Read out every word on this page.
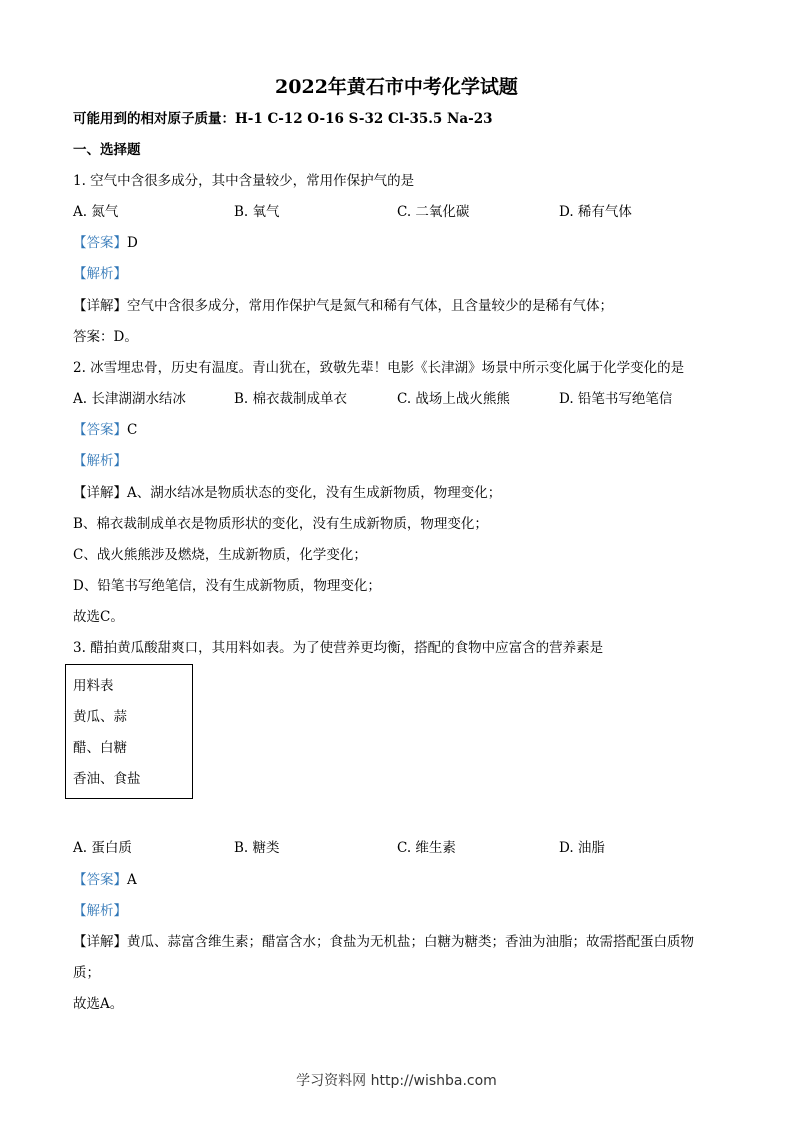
2022年黄石市中考化学试题
可能用到的相对原子质量：H-1 C-12 O-16 S-32 Cl-35.5 Na-23
一、选择题
1. 空气中含很多成分，其中含量较少，常用作保护气的是
A. 氮气	B. 氧气	C. 二氧化碳	D. 稀有气体
【答案】D
【解析】
【详解】空气中含很多成分，常用作保护气是氮气和稀有气体，且含量较少的是稀有气体；
答案：D。
2. 冰雪埋忠骨，历史有温度。青山犹在，致敬先辈！电影《长津湖》场景中所示变化属于化学变化的是
A. 长津湖湖水结冰	B. 棉衣裁制成单衣	C. 战场上战火熊熊	D. 铅笔书写绝笔信
【答案】C
【解析】
【详解】A、湖水结冰是物质状态的变化，没有生成新物质，物理变化；
B、棉衣裁制成单衣是物质形状的变化，没有生成新物质，物理变化；
C、战火熊熊涉及燃烧，生成新物质，化学变化；
D、铅笔书写绝笔信，没有生成新物质，物理变化；
故选C。
3. 醋拍黄瓜酸甜爽口，其用料如表。为了使营养更均衡，搭配的食物中应富含的营养素是
用料表
黄瓜、蒜
醋、白糖
香油、食盐
A. 蛋白质	B. 糖类	C. 维生素	D. 油脂
【答案】A
【解析】
【详解】黄瓜、蒜富含维生素；醋富含水；食盐为无机盐；白糖为糖类；香油为油脂；故需搭配蛋白质物
质；
故选A。
学习资料网 http://wishba.com
